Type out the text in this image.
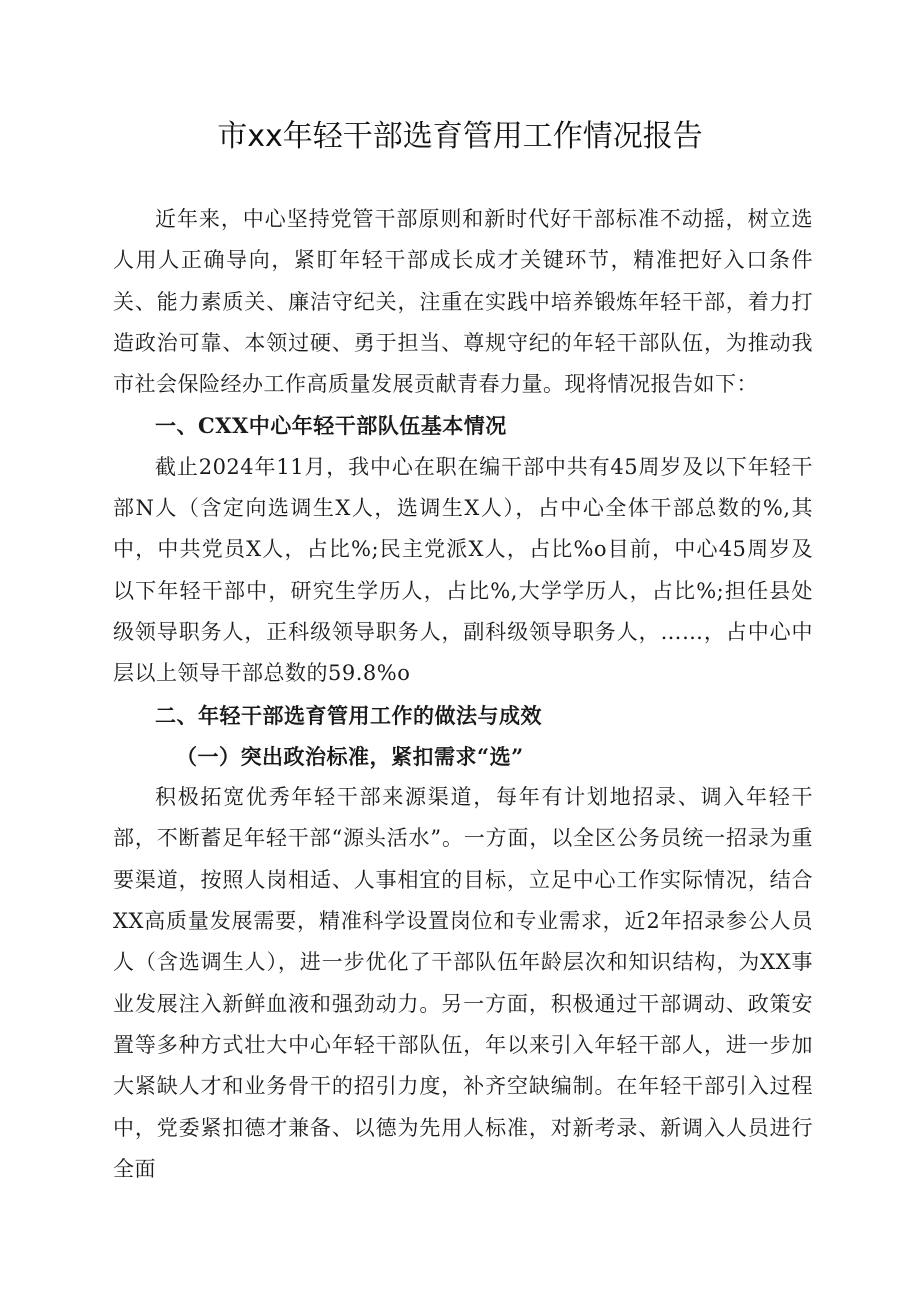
市xx年轻干部选育管用工作情况报告

近年来，中心坚持党管干部原则和新时代好干部标准不动摇，树立选人用人正确导向，紧盯年轻干部成长成才关键环节，精准把好入口条件关、能力素质关、廉洁守纪关，注重在实践中培养锻炼年轻干部，着力打造政治可靠、本领过硬、勇于担当、尊规守纪的年轻干部队伍，为推动我市社会保险经办工作高质量发展贡献青春力量。现将情况报告如下：

一、CXX中心年轻干部队伍基本情况

截止2024年11月，我中心在职在编干部中共有45周岁及以下年轻干部N人（含定向选调生X人，选调生X人），占中心全体干部总数的%,其中，中共党员X人，占比%;民主党派X人，占比%o目前，中心45周岁及以下年轻干部中，研究生学历人，占比%,大学学历人，占比%;担任县处级领导职务人，正科级领导职务人，副科级领导职务人，……，占中心中层以上领导干部总数的59.8%o

二、年轻干部选育管用工作的做法与成效

（一）突出政治标准，紧扣需求“选”

积极拓宽优秀年轻干部来源渠道，每年有计划地招录、调入年轻干部，不断蓄足年轻干部“源头活水”。一方面，以全区公务员统一招录为重要渠道，按照人岗相适、人事相宜的目标，立足中心工作实际情况，结合XX高质量发展需要，精准科学设置岗位和专业需求，近2年招录参公人员人（含选调生人），进一步优化了干部队伍年龄层次和知识结构，为XX事业发展注入新鲜血液和强劲动力。另一方面，积极通过干部调动、政策安置等多种方式壮大中心年轻干部队伍，年以来引入年轻干部人，进一步加大紧缺人才和业务骨干的招引力度，补齐空缺编制。在年轻干部引入过程中，党委紧扣德才兼备、以德为先用人标准，对新考录、新调入人员进行全面
